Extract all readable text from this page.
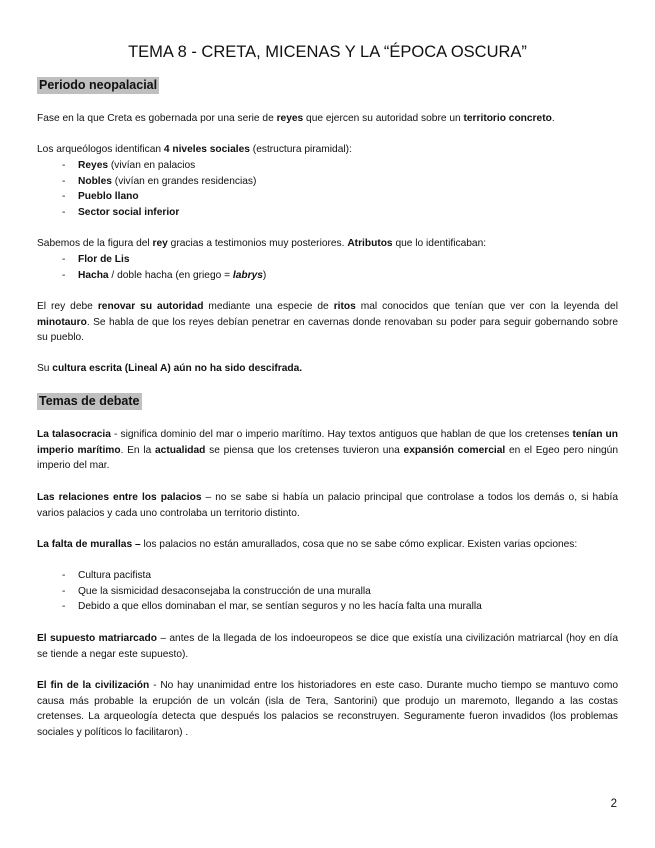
TEMA 8 - CRETA, MICENAS Y LA “ÉPOCA OSCURA”
Periodo neopalacial

Fase en la que Creta es gobernada por una serie de reyes que ejercen su autoridad sobre un territorio concreto.

Los arqueólogos identifican 4 niveles sociales (estructura piramidal):

- Reyes (vivían en palacios
- Nobles (vivían en grandes residencias)
- Pueblo llano
- Sector social inferior

Sabemos de la figura del rey gracias a testimonios muy posteriores. Atributos que lo identificaban:

- Flor de Lis
- Hacha / doble hacha (en griego = labrys)

El rey debe renovar su autoridad mediante una especie de ritos mal conocidos que tenían que ver con la leyenda del minotauro. Se habla de que los reyes debían penetrar en cavernas donde renovaban su poder para seguir gobernando sobre su pueblo.

Su cultura escrita (Lineal A) aún no ha sido descifrada.

Temas de debate

La talasocracia - significa dominio del mar o imperio marítimo. Hay textos antiguos que hablan de que los cretenses tenían un imperio marítimo. En la actualidad se piensa que los cretenses tuvieron una expansión comercial en el Egeo pero ningún imperio del mar.

Las relaciones entre los palacios – no se sabe si había un palacio principal que controlase a todos los demás o, si había varios palacios y cada uno controlaba un territorio distinto.

La falta de murallas – los palacios no están amurallados, cosa que no se sabe cómo explicar. Existen varias opciones:

- Cultura pacifista
- Que la sismicidad desaconsejaba la construcción de una muralla
- Debido a que ellos dominaban el mar, se sentían seguros y no les hacía falta una muralla

El supuesto matriarcado – antes de la llegada de los indoeuropeos se dice que existía una civilización matriarcal (hoy en día se tiende a negar este supuesto).

El fin de la civilización - No hay unanimidad entre los historiadores en este caso. Durante mucho tiempo se mantuvo como causa más probable la erupción de un volcán (isla de Tera, Santorini) que produjo un maremoto, llegando a las costas cretenses. La arqueología detecta que después los palacios se reconstruyen. Seguramente fueron invadidos (los problemas sociales y políticos lo facilitaron) .

2
